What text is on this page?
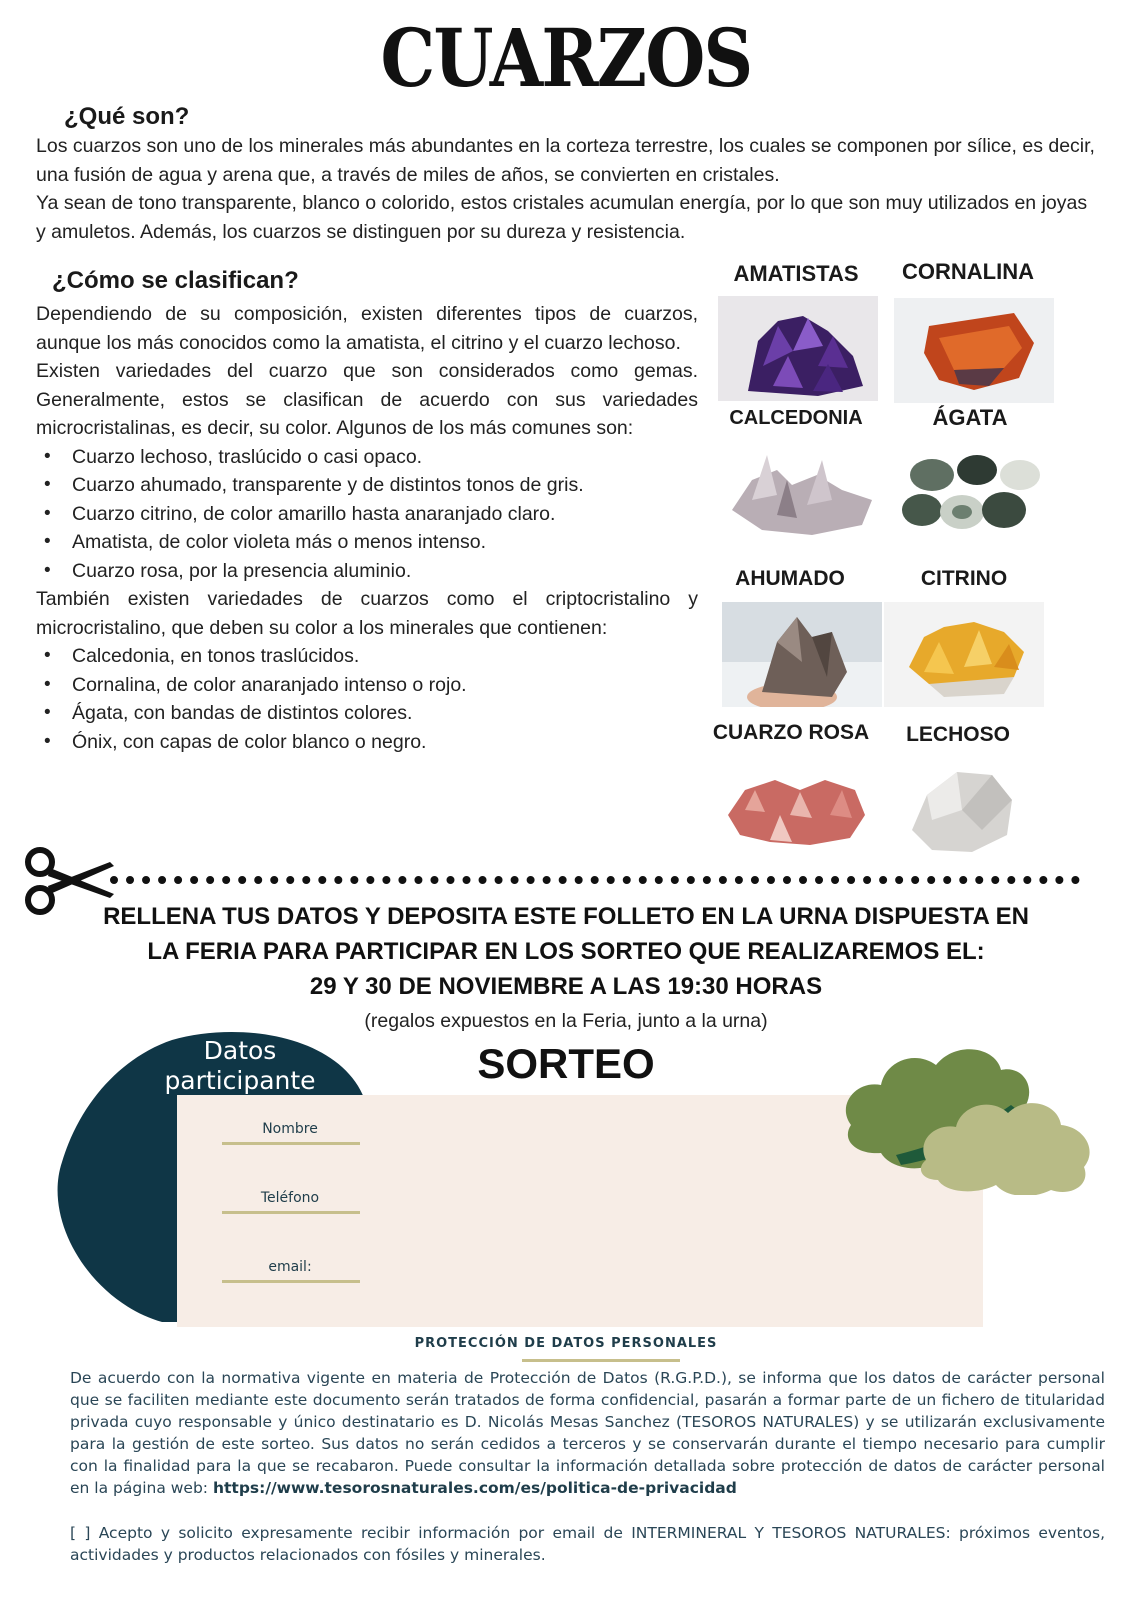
CUARZOS
¿Qué son?
Los cuarzos son uno de los minerales más abundantes en la corteza terrestre, los cuales se componen por sílice, es decir, una fusión de agua y arena que, a través de miles de años, se convierten en cristales.
Ya sean de tono transparente, blanco o colorido, estos cristales acumulan energía, por lo que son muy utilizados en joyas y amuletos. Además, los cuarzos se distinguen por su dureza y resistencia.
¿Cómo se clasifican?
Dependiendo de su composición, existen diferentes tipos de cuarzos, aunque los más conocidos como la amatista, el citrino y el cuarzo lechoso.
Existen variedades del cuarzo que son considerados como gemas. Generalmente, estos se clasifican de acuerdo con sus variedades microcristalinas, es decir, su color. Algunos de los más comunes son:
• Cuarzo lechoso, traslúcido o casi opaco.
• Cuarzo ahumado, transparente y de distintos tonos de gris.
• Cuarzo citrino, de color amarillo hasta anaranjado claro.
• Amatista, de color violeta más o menos intenso.
• Cuarzo rosa, por la presencia aluminio.
También existen variedades de cuarzos como el criptocristalino y microcristalino, que deben su color a los minerales que contienen:
• Calcedonia, en tonos traslúcidos.
• Cornalina, de color anaranjado intenso o rojo.
• Ágata, con bandas de distintos colores.
• Ónix, con capas de color blanco o negro.
AMATISTAS	CORNALINA
CALCEDONIA	ÁGATA
AHUMADO	CITRINO
CUARZO ROSA	LECHOSO
RELLENA TUS DATOS Y DEPOSITA ESTE FOLLETO EN LA URNA DISPUESTA EN
LA FERIA PARA PARTICIPAR EN LOS SORTEO QUE REALIZAREMOS EL:
29 Y 30 DE NOVIEMBRE A LAS 19:30 HORAS
(regalos expuestos en la Feria, junto a la urna)
SORTEO
Datos
participante
Nombre
Teléfono
email:
PROTECCIÓN DE DATOS PERSONALES
De acuerdo con la normativa vigente en materia de Protección de Datos (R.G.P.D.), se informa que los datos de carácter personal que se faciliten mediante este documento serán tratados de forma confidencial, pasarán a formar parte de un fichero de titularidad privada cuyo responsable y único destinatario es D. Nicolás Mesas Sanchez (TESOROS NATURALES) y se utilizarán exclusivamente para la gestión de este sorteo. Sus datos no serán cedidos a terceros y se conservarán durante el tiempo necesario para cumplir con la finalidad para la que se recabaron. Puede consultar la información detallada sobre protección de datos de carácter personal en la página web: https://www.tesorosnaturales.com/es/politica-de-privacidad
[ ] Acepto y solicito expresamente recibir información por email de INTERMINERAL Y TESOROS NATURALES: próximos eventos, actividades y productos relacionados con fósiles y minerales.
